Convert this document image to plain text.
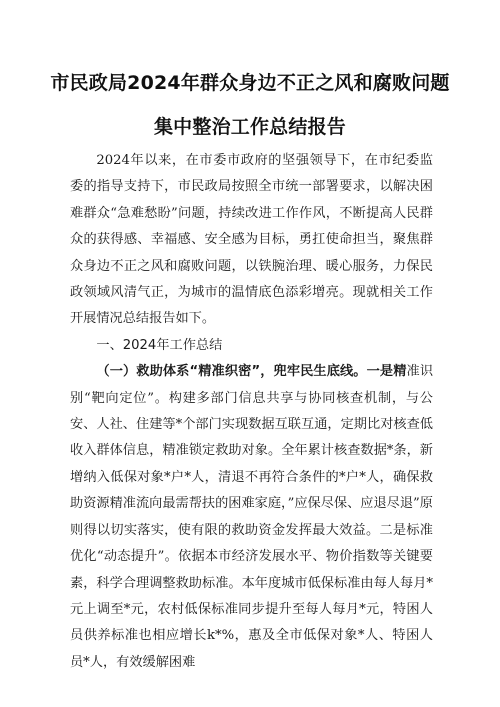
市民政局2024年群众身边不正之风和腐败问题
集中整治工作总结报告

2024年以来，在市委市政府的坚强领导下，在市纪委监委的指导支持下，市民政局按照全市统一部署要求，以解决困难群众“急难愁盼”问题，持续改进工作作风，不断提高人民群众的获得感、幸福感、安全感为目标，勇扛使命担当，聚焦群众身边不正之风和腐败问题，以铁腕治理、暖心服务，力保民政领域风清气正，为城市的温情底色添彩增亮。现就相关工作开展情况总结报告如下。

一、2024年工作总结

（一）救助体系“精准织密”，兜牢民生底线。一是精准识别“靶向定位”。构建多部门信息共享与协同核查机制，与公安、人社、住建等*个部门实现数据互联互通，定期比对核查低收入群体信息，精准锁定救助对象。全年累计核查数据*条，新增纳入低保对象*户*人，清退不再符合条件的*户*人，确保救助资源精准流向最需帮扶的困难家庭，”应保尽保、应退尽退”原则得以切实落实，使有限的救助资金发挥最大效益。二是标准优化“动态提升”。依据本市经济发展水平、物价指数等关键要素，科学合理调整救助标准。本年度城市低保标准由每人每月*元上调至*元，农村低保标准同步提升至每人每月*元，特困人员供养标准也相应增长k*%，惠及全市低保对象*人、特困人员*人，有效缓解困难
